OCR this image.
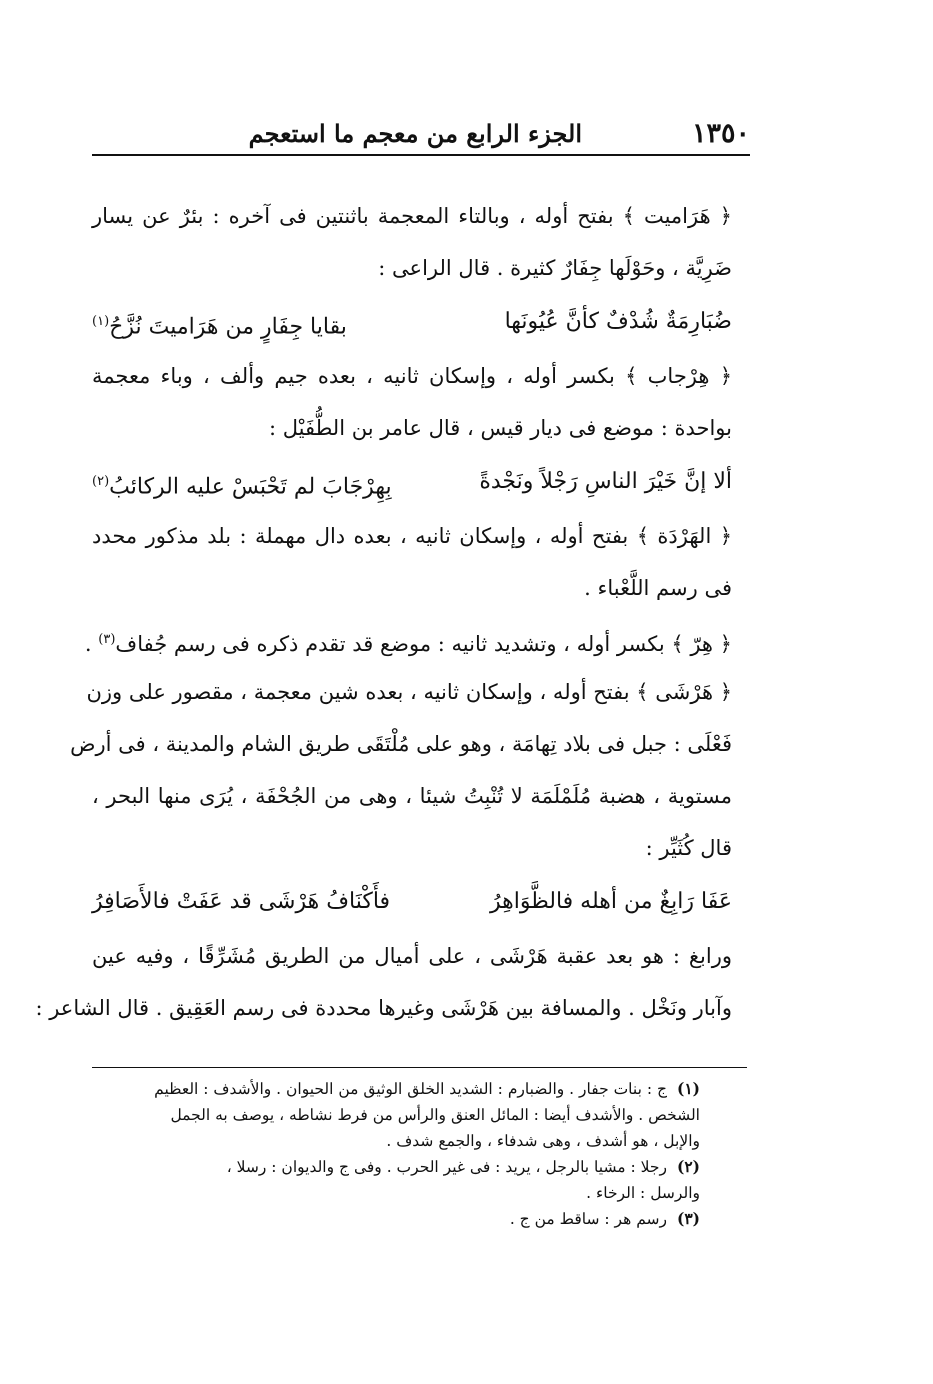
١٣٥٠
الجزء الرابع من معجم ما استعجم
﴿ هَرَاميت ﴾ بفتح أوله ، وبالتاء المعجمة باثنتين فى آخره : بئرٌ عن يسار
ضَرِيَّة ، وحَوْلَها جِفَارٌ كثيرة . قال الراعى :
ضُبَارِمَةٌ شُدْفٌ كأنَّ عُيُونَها
بقايا جِفَارٍ من هَرَاميتَ نُزَّحُ$^{(١)}$
﴿ هِرْجاب ﴾ بكسر أوله ، وإسكان ثانيه ، بعده جيم وألف ، وباء معجمة
بواحدة : موضع فى ديار قيس ، قال عامر بن الطُّفَيْل :
ألا إنَّ خَيْرَ الناسِ رَجْلاً ونَجْدةً
بِهِرْجَابَ لم تَحْبَسْ عليه الركائبُ$^{(٢)}$
﴿ الهَرْدَة ﴾ بفتح أوله ، وإسكان ثانيه ، بعده دال مهملة : بلد مذكور محدد
فى رسم اللَّعْباء .
﴿ هِرّ ﴾ بكسر أوله ، وتشديد ثانيه : موضع قد تقدم ذكره فى رسم جُفاف$^{(٣)}$ .
﴿ هَرْشَى ﴾ بفتح أوله ، وإسكان ثانيه ، بعده شين معجمة ، مقصور على وزن
فَعْلَى : جبل فى بلاد تِهامَة ، وهو على مُلْتَقَى طريق الشام والمدينة ، فى أرض
مستوية ، هضبة مُلَمْلَمَة لا تُنْبِتُ شيئا ، وهى من الجُحْفَة ، يُرَى منها البحر ،
قال كُثَيِّر :
عَفَا رَابِغٌ من أهله فالظَّوَاهِرُ
فأَكْنَافُ هَرْشَى قد عَفَتْ فالأَصَافِرُ
ورابغ : هو بعد عقبة هَرْشَى ، على أميال من الطريق مُشَرِّقًا ، وفيه عين
وآبار ونَخْل . والمسافة بين هَرْشَى وغيرها محددة فى رسم العَقِيق . قال الشاعر :
(١)ج : بنات جفار . والضبارم : الشديد الخلق الوثيق من الحيوان . والأشدف : العظيم
الشخص . والأشدف أيضا : المائل العنق والرأس من فرط نشاطه ، يوصف به الجمل
والإبل ، هو أشدف ، وهى شدفاء ، والجمع شدف .
(٢)رجلا : مشيا بالرجل ، يريد : فى غير الحرب . وفى ج والديوان : رسلا ،
والرسل : الرخاء .
(٣)رسم هر : ساقط من ج .
